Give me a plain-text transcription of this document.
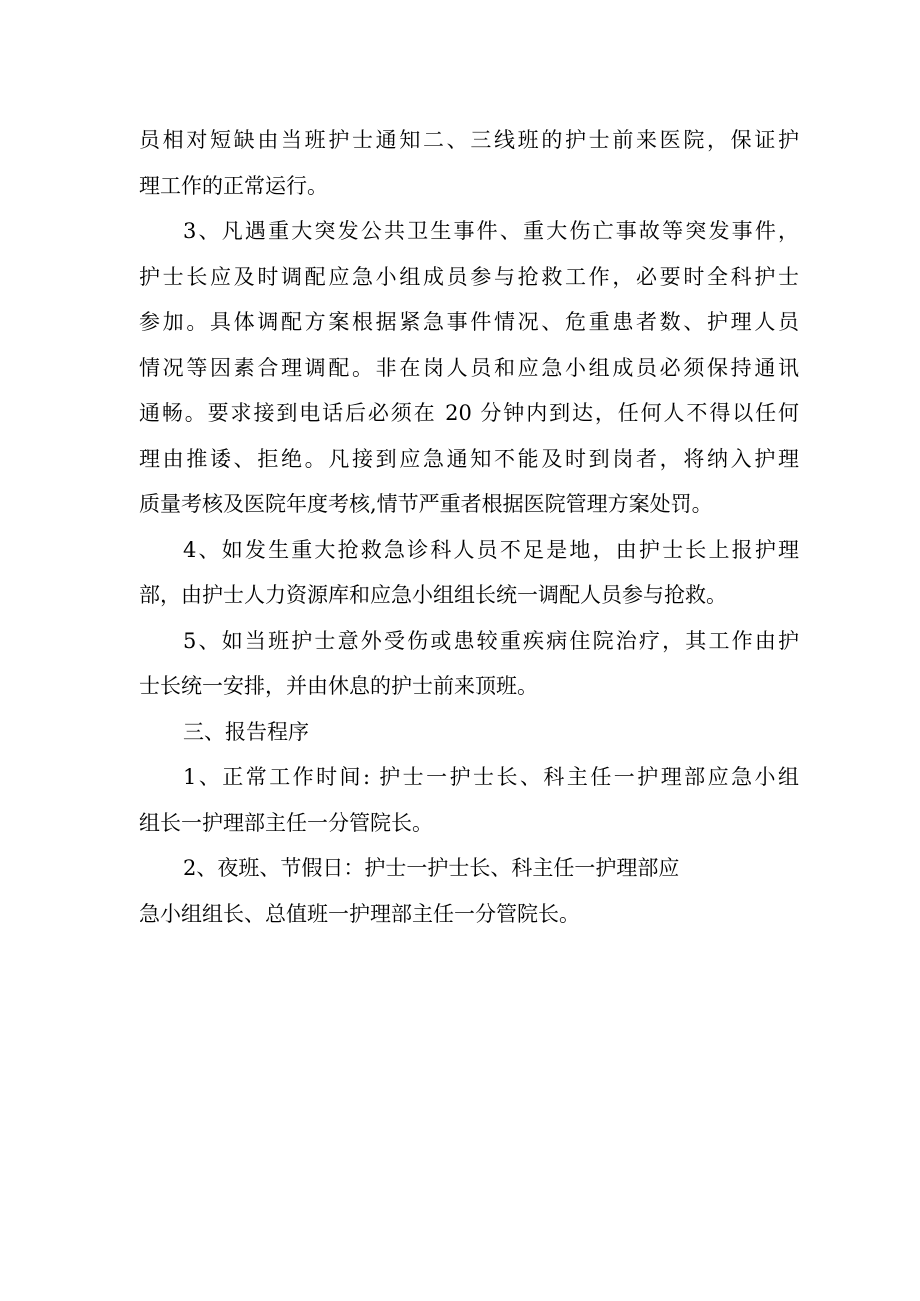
员相对短缺由当班护士通知二、三线班的护士前来医院，保证护
理工作的正常运行。
3、凡遇重大突发公共卫生事件、重大伤亡事故等突发事件，
护士长应及时调配应急小组成员参与抢救工作，必要时全科护士
参加。具体调配方案根据紧急事件情况、危重患者数、护理人员
情况等因素合理调配。非在岗人员和应急小组成员必须保持通讯
通畅。要求接到电话后必须在 20 分钟内到达，任何人不得以任何
理由推诿、拒绝。凡接到应急通知不能及时到岗者，将纳入护理
质量考核及医院年度考核,情节严重者根据医院管理方案处罚。
4、如发生重大抢救急诊科人员不足是地，由护士长上报护理
部，由护士人力资源库和应急小组组长统一调配人员参与抢救。
5、如当班护士意外受伤或患较重疾病住院治疗，其工作由护
士长统一安排，并由休息的护士前来顶班。
三、报告程序
1、正常工作时间: 护士一护士长、科主任一护理部应急小组
组长一护理部主任一分管院长。
2、夜班、节假日：护士一护士长、科主任一护理部应
急小组组长、总值班一护理部主任一分管院长。
